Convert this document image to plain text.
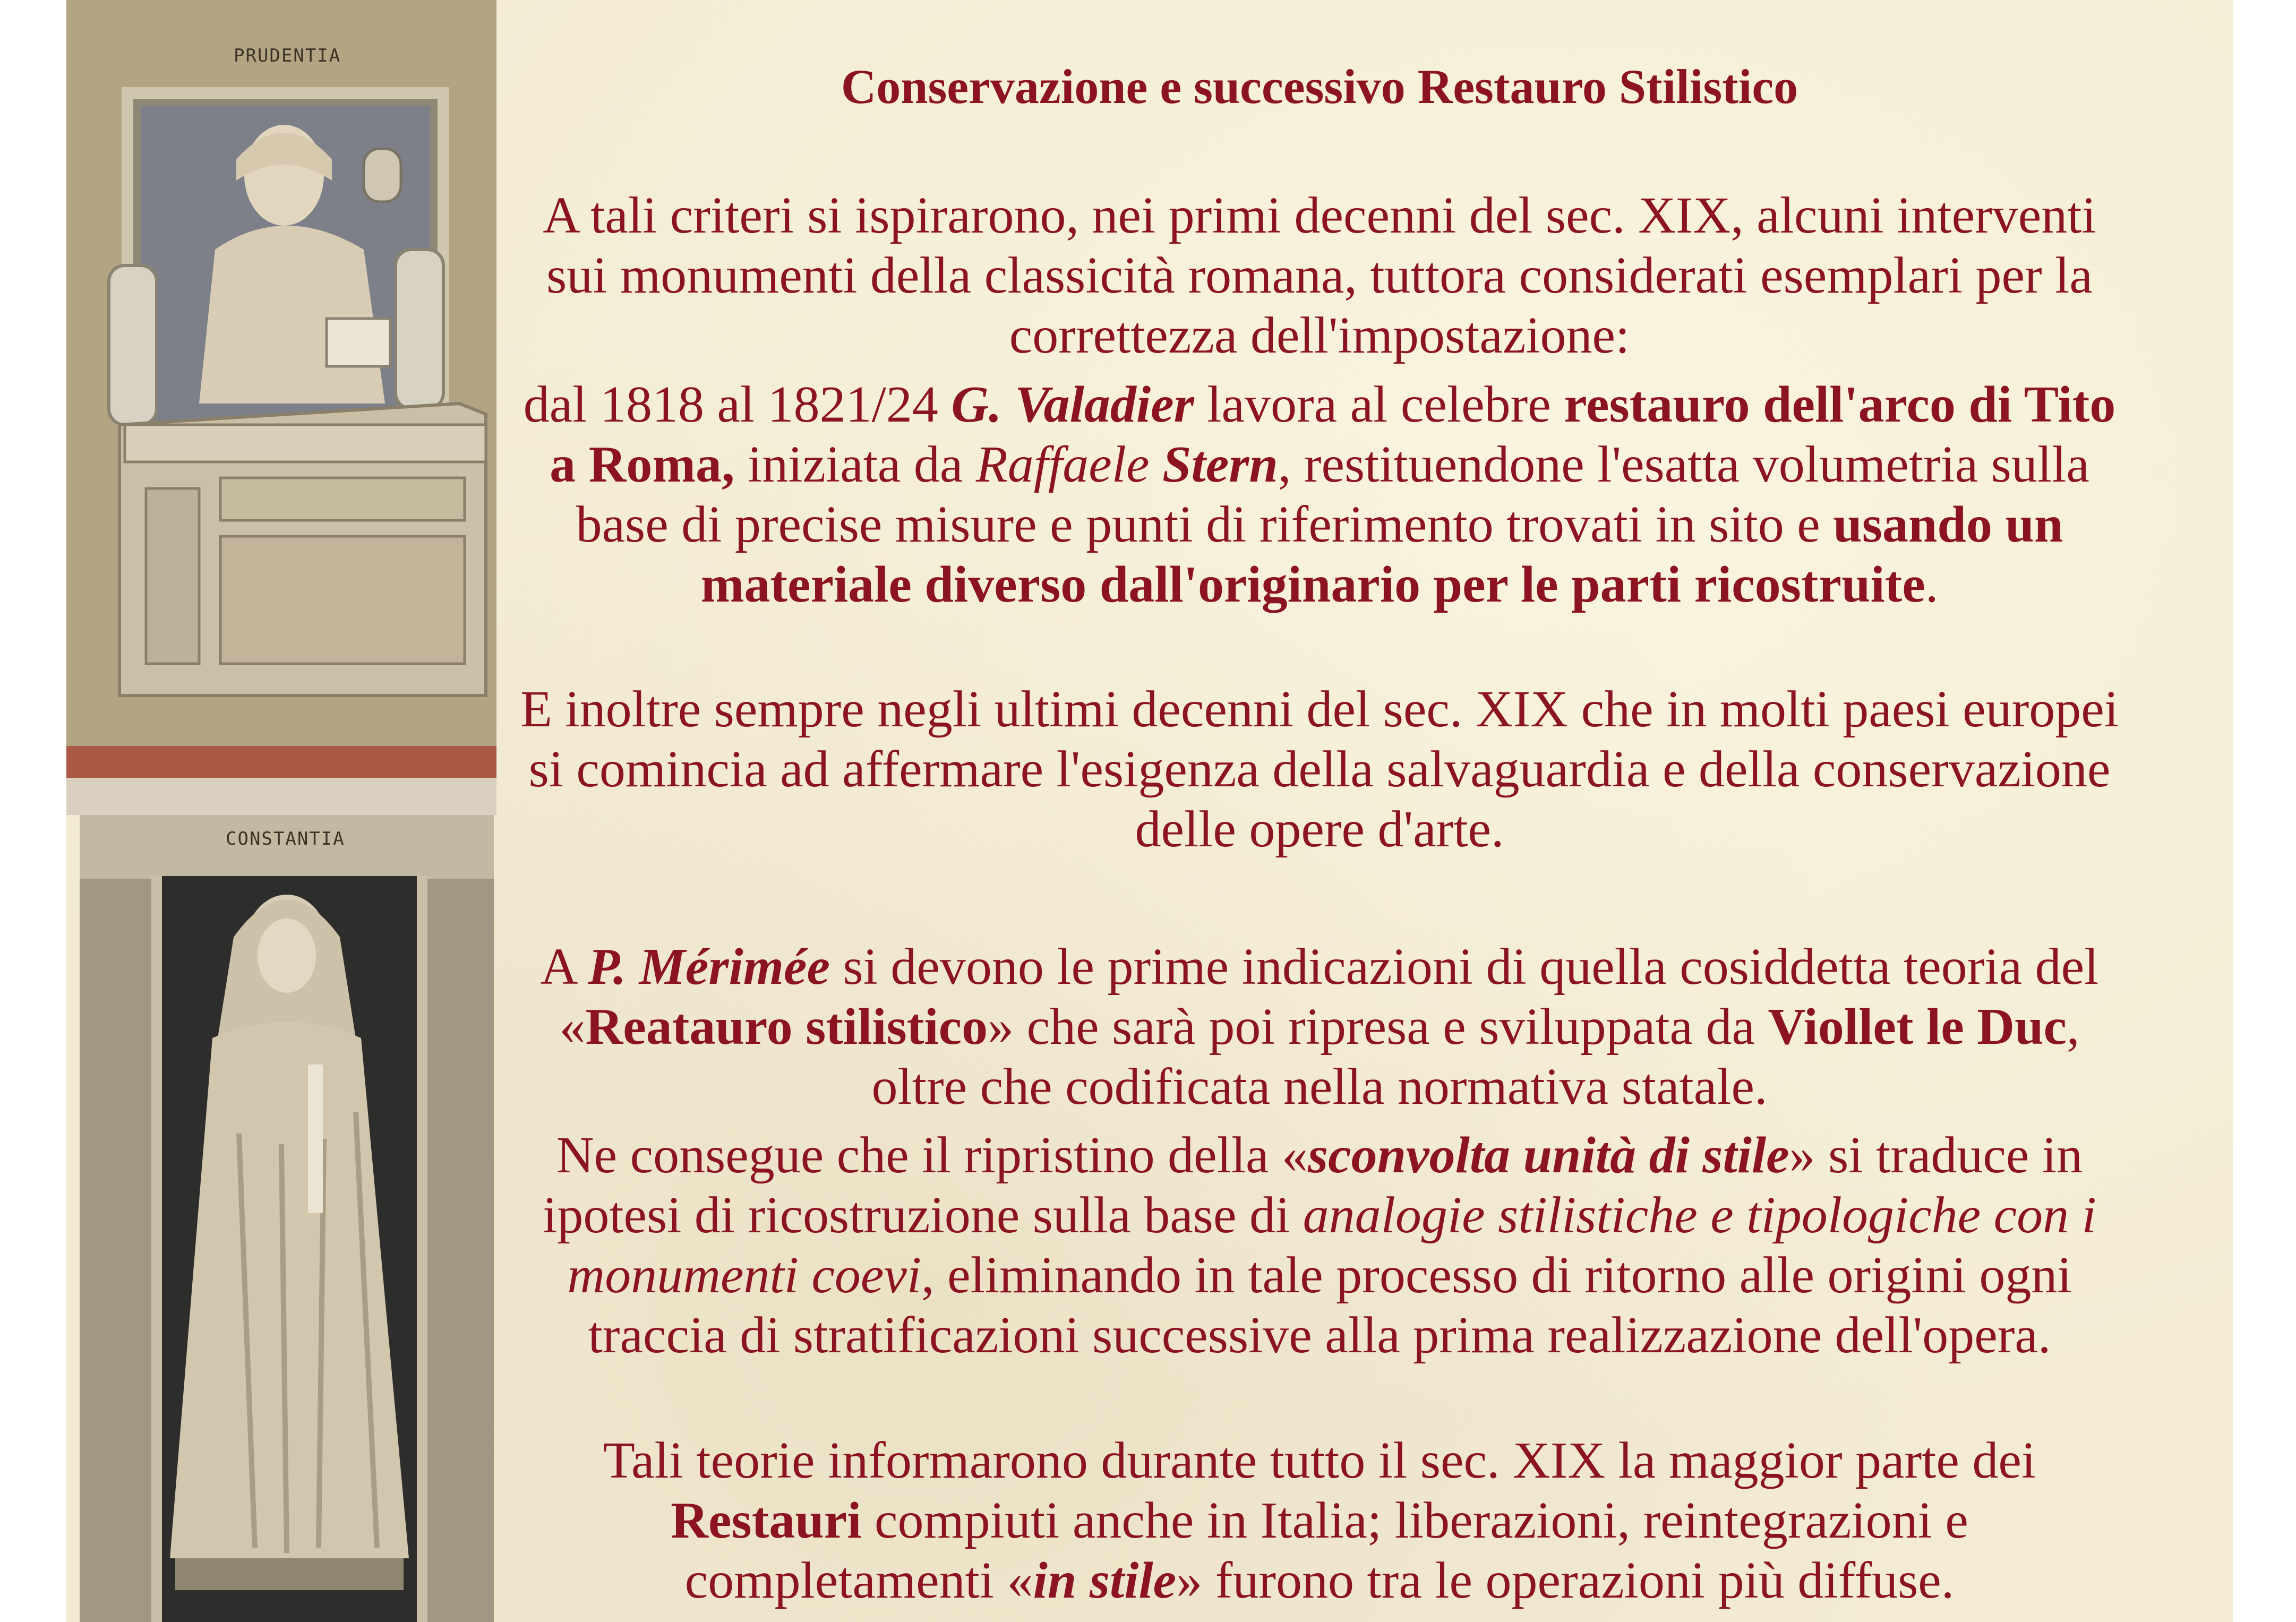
PRUDENTIA
CONSTANTIA
Conservazione e successivo Restauro Stilistico

A tali criteri si ispirarono, nei primi decenni del sec. XIX, alcuni interventi sui monumenti della classicità romana, tuttora considerati esemplari per la correttezza dell'impostazione:

dal 1818 al 1821/24 G. Valadier lavora al celebre restauro dell'arco di Tito a Roma, iniziata da Raffaele Stern, restituendone l'esatta volumetria sulla base di precise misure e punti di riferimento trovati in sito e usando un materiale diverso dall'originario per le parti ricostruite.

E inoltre sempre negli ultimi decenni del sec. XIX che in molti paesi europei si comincia ad affermare l'esigenza della salvaguardia e della conservazione delle opere d'arte.

A P. Mérimée si devono le prime indicazioni di quella cosiddetta teoria del «Reatauro stilistico» che sarà poi ripresa e sviluppata da Viollet le Duc, oltre che codificata nella normativa statale.

Ne consegue che il ripristino della «sconvolta unità di stile» si traduce in ipotesi di ricostruzione sulla base di analogie stilistiche e tipologiche con i monumenti coevi, eliminando in tale processo di ritorno alle origini ogni traccia di stratificazioni successive alla prima realizzazione dell'opera.

Tali teorie informarono durante tutto il sec. XIX la maggior parte dei Restauri compiuti anche in Italia; liberazioni, reintegrazioni e completamenti «in stile» furono tra le operazioni più diffuse.
